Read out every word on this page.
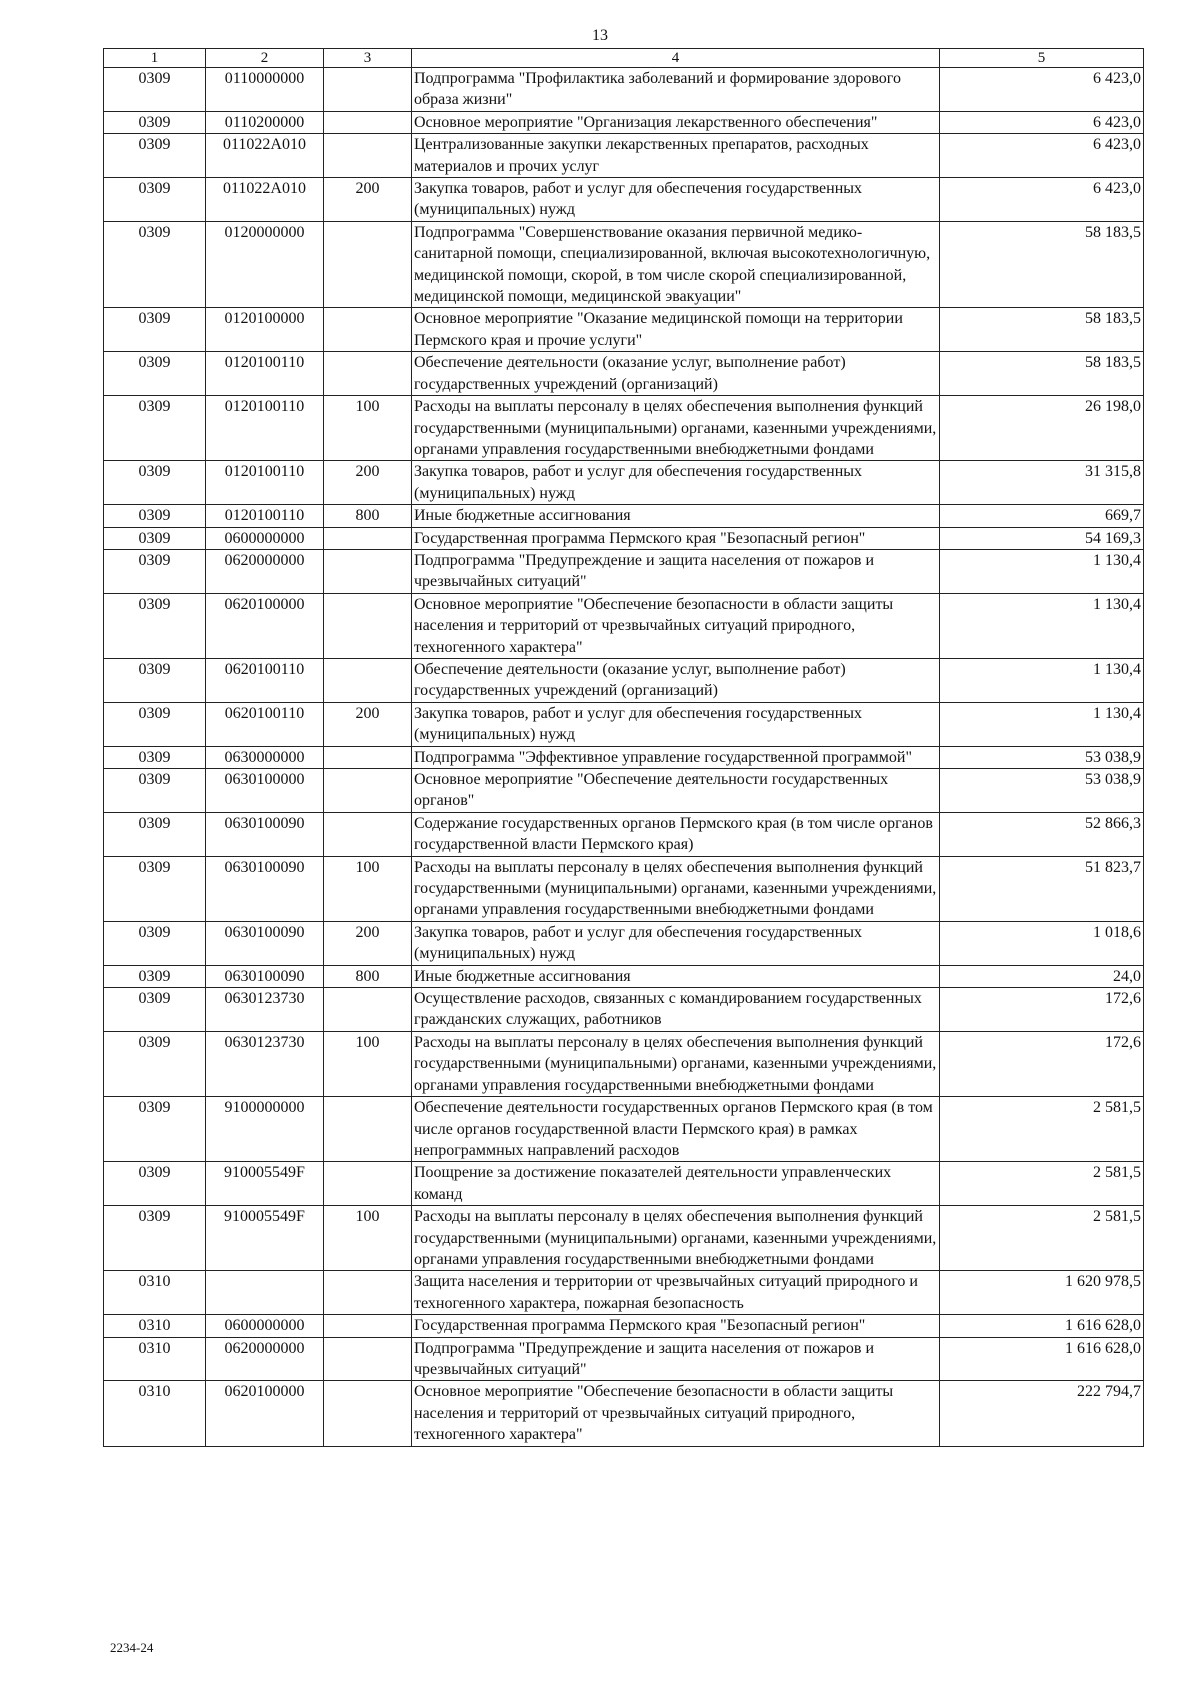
13
1	2	3	4	5
0309	0110000000		Подпрограмма "Профилактика заболеваний и формирование здорового образа жизни"	6 423,0
0309	0110200000		Основное мероприятие "Организация лекарственного обеспечения"	6 423,0
0309	011022А010		Централизованные закупки лекарственных препаратов, расходных материалов и прочих услуг	6 423,0
0309	011022А010	200	Закупка товаров, работ и услуг для обеспечения государственных (муниципальных) нужд	6 423,0
0309	0120000000		Подпрограмма "Совершенствование оказания первичной медико-санитарной помощи, специализированной, включая высокотехнологичную, медицинской помощи, скорой, в том числе скорой специализированной, медицинской помощи, медицинской эвакуации"	58 183,5
0309	0120100000		Основное мероприятие "Оказание медицинской помощи на территории Пермского края и прочие услуги"	58 183,5
0309	0120100110		Обеспечение деятельности (оказание услуг, выполнение работ) государственных учреждений (организаций)	58 183,5
0309	0120100110	100	Расходы на выплаты персоналу в целях обеспечения выполнения функций государственными (муниципальными) органами, казенными учреждениями, органами управления государственными внебюджетными фондами	26 198,0
0309	0120100110	200	Закупка товаров, работ и услуг для обеспечения государственных (муниципальных) нужд	31 315,8
0309	0120100110	800	Иные бюджетные ассигнования	669,7
0309	0600000000		Государственная программа Пермского края "Безопасный регион"	54 169,3
0309	0620000000		Подпрограмма "Предупреждение и защита населения от пожаров и чрезвычайных ситуаций"	1 130,4
0309	0620100000		Основное мероприятие "Обеспечение безопасности в области защиты населения и территорий от чрезвычайных ситуаций природного, техногенного характера"	1 130,4
0309	0620100110		Обеспечение деятельности (оказание услуг, выполнение работ) государственных учреждений (организаций)	1 130,4
0309	0620100110	200	Закупка товаров, работ и услуг для обеспечения государственных (муниципальных) нужд	1 130,4
0309	0630000000		Подпрограмма "Эффективное управление государственной программой"	53 038,9
0309	0630100000		Основное мероприятие "Обеспечение деятельности государственных органов"	53 038,9
0309	0630100090		Содержание государственных органов Пермского края (в том числе органов государственной власти Пермского края)	52 866,3
0309	0630100090	100	Расходы на выплаты персоналу в целях обеспечения выполнения функций государственными (муниципальными) органами, казенными учреждениями, органами управления государственными внебюджетными фондами	51 823,7
0309	0630100090	200	Закупка товаров, работ и услуг для обеспечения государственных (муниципальных) нужд	1 018,6
0309	0630100090	800	Иные бюджетные ассигнования	24,0
0309	0630123730		Осуществление расходов, связанных с командированием государственных гражданских служащих, работников	172,6
0309	0630123730	100	Расходы на выплаты персоналу в целях обеспечения выполнения функций государственными (муниципальными) органами, казенными учреждениями, органами управления государственными внебюджетными фондами	172,6
0309	9100000000		Обеспечение деятельности государственных органов Пермского края (в том числе органов государственной власти Пермского края) в рамках непрограммных направлений расходов	2 581,5
0309	910005549F		Поощрение за достижение показателей деятельности управленческих команд	2 581,5
0309	910005549F	100	Расходы на выплаты персоналу в целях обеспечения выполнения функций государственными (муниципальными) органами, казенными учреждениями, органами управления государственными внебюджетными фондами	2 581,5
0310			Защита населения и территории от чрезвычайных ситуаций природного и техногенного характера, пожарная безопасность	1 620 978,5
0310	0600000000		Государственная программа Пермского края "Безопасный регион"	1 616 628,0
0310	0620000000		Подпрограмма "Предупреждение и защита населения от пожаров и чрезвычайных ситуаций"	1 616 628,0
0310	0620100000		Основное мероприятие "Обеспечение безопасности в области защиты населения и территорий от чрезвычайных ситуаций природного, техногенного характера"	222 794,7
2234-24
